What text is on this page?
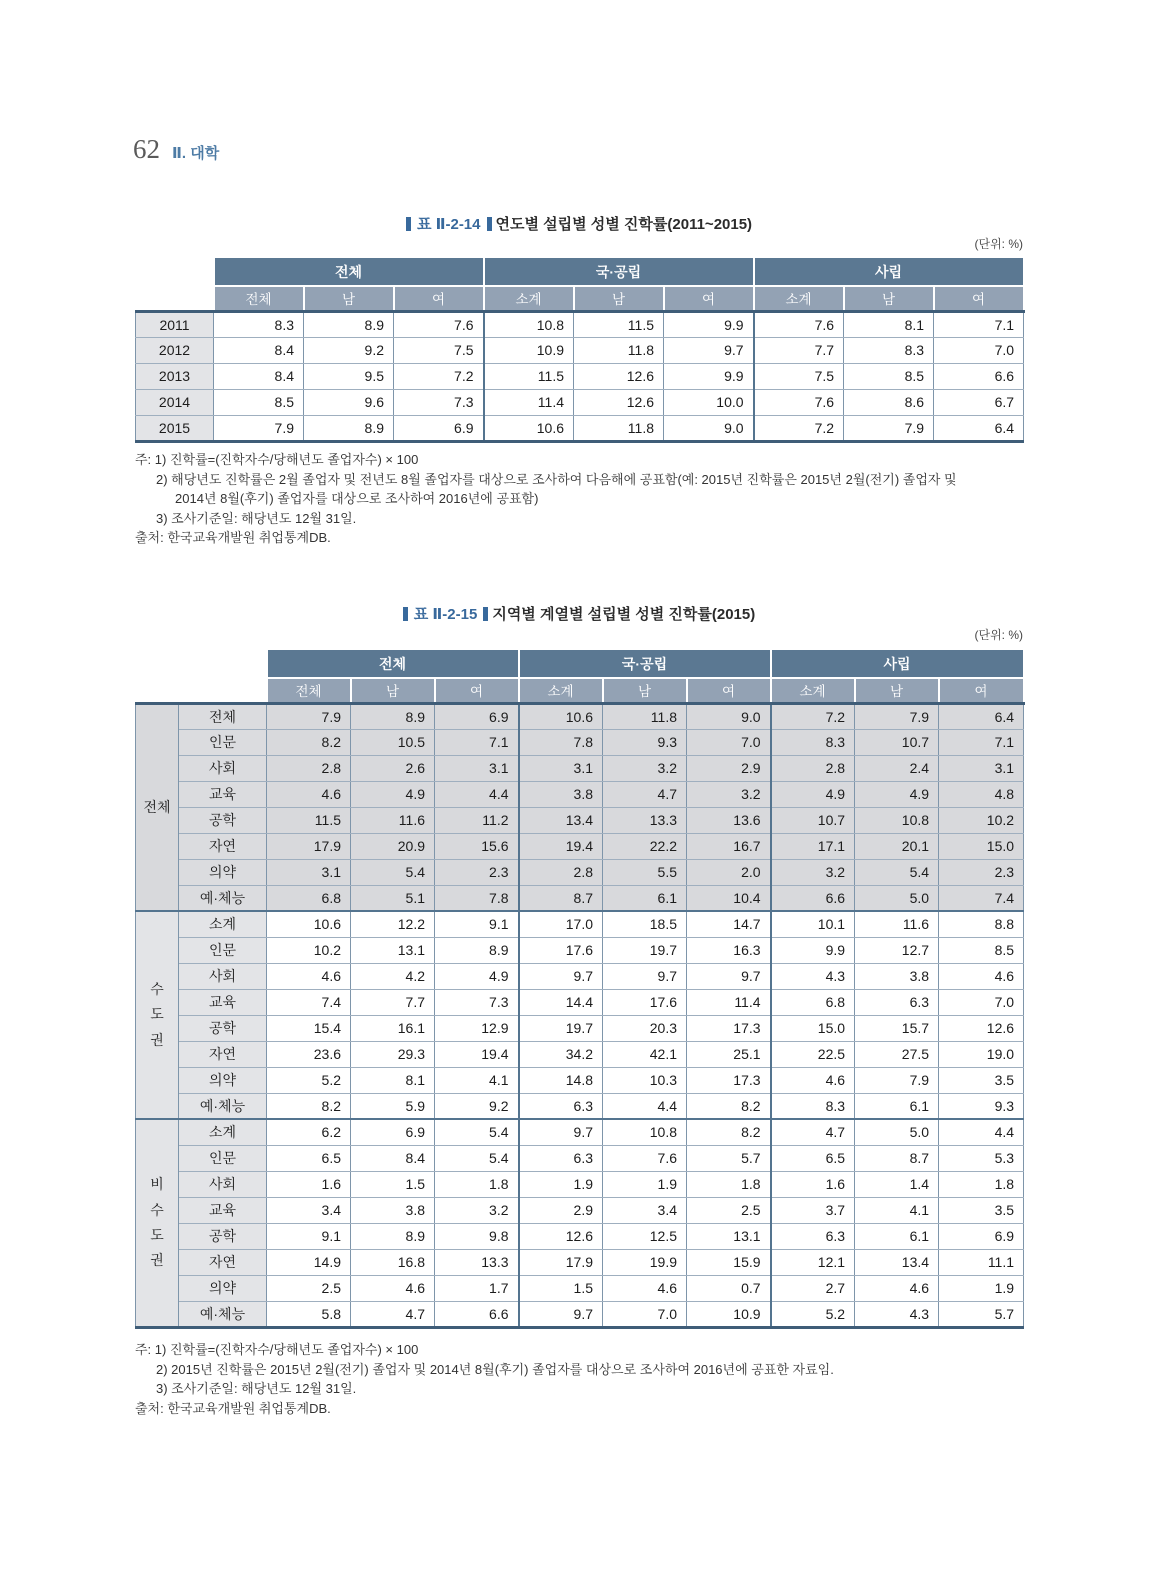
62 Ⅱ. 대학
표 Ⅱ-2-14 연도별 설립별 성별 진학률(2011~2015)
(단위: %)
	전체			국·공립			사립		
	전체	남	여	소계	남	여	소계	남	여
2011	8.3	8.9	7.6	10.8	11.5	9.9	7.6	8.1	7.1
2012	8.4	9.2	7.5	10.9	11.8	9.7	7.7	8.3	7.0
2013	8.4	9.5	7.2	11.5	12.6	9.9	7.5	8.5	6.6
2014	8.5	9.6	7.3	11.4	12.6	10.0	7.6	8.6	6.7
2015	7.9	8.9	6.9	10.6	11.8	9.0	7.2	7.9	6.4
주: 1) 진학률=(진학자수/당해년도 졸업자수) × 100
2) 해당년도 진학률은 2월 졸업자 및 전년도 8월 졸업자를 대상으로 조사하여 다음해에 공표함(예: 2015년 진학률은 2015년 2월(전기) 졸업자 및
2014년 8월(후기) 졸업자를 대상으로 조사하여 2016년에 공표함)
3) 조사기준일: 해당년도 12월 31일.
출처: 한국교육개발원 취업통계DB.
표 Ⅱ-2-15 지역별 계열별 설립별 성별 진학률(2015)
(단위: %)
		전체			국·공립			사립		
		전체	남	여	소계	남	여	소계	남	여
전체	전체	7.9	8.9	6.9	10.6	11.8	9.0	7.2	7.9	6.4
	인문	8.2	10.5	7.1	7.8	9.3	7.0	8.3	10.7	7.1
	사회	2.8	2.6	3.1	3.1	3.2	2.9	2.8	2.4	3.1
	교육	4.6	4.9	4.4	3.8	4.7	3.2	4.9	4.9	4.8
	공학	11.5	11.6	11.2	13.4	13.3	13.6	10.7	10.8	10.2
	자연	17.9	20.9	15.6	19.4	22.2	16.7	17.1	20.1	15.0
	의약	3.1	5.4	2.3	2.8	5.5	2.0	3.2	5.4	2.3
	예·체능	6.8	5.1	7.8	8.7	6.1	10.4	6.6	5.0	7.4

수도권	소계	10.6	12.2	9.1	17.0	18.5	14.7	10.1	11.6	8.8
	인문	10.2	13.1	8.9	17.6	19.7	16.3	9.9	12.7	8.5
	사회	4.6	4.2	4.9	9.7	9.7	9.7	4.3	3.8	4.6
	교육	7.4	7.7	7.3	14.4	17.6	11.4	6.8	6.3	7.0
	공학	15.4	16.1	12.9	19.7	20.3	17.3	15.0	15.7	12.6
	자연	23.6	29.3	19.4	34.2	42.1	25.1	22.5	27.5	19.0
	의약	5.2	8.1	4.1	14.8	10.3	17.3	4.6	7.9	3.5
	예·체능	8.2	5.9	9.2	6.3	4.4	8.2	8.3	6.1	9.3

비수도권	소계	6.2	6.9	5.4	9.7	10.8	8.2	4.7	5.0	4.4
	인문	6.5	8.4	5.4	6.3	7.6	5.7	6.5	8.7	5.3
	사회	1.6	1.5	1.8	1.9	1.9	1.8	1.6	1.4	1.8
	교육	3.4	3.8	3.2	2.9	3.4	2.5	3.7	4.1	3.5
	공학	9.1	8.9	9.8	12.6	12.5	13.1	6.3	6.1	6.9
	자연	14.9	16.8	13.3	17.9	19.9	15.9	12.1	13.4	11.1
	의약	2.5	4.6	1.7	1.5	4.6	0.7	2.7	4.6	1.9
	예·체능	5.8	4.7	6.6	9.7	7.0	10.9	5.2	4.3	5.7
주: 1) 진학률=(진학자수/당해년도 졸업자수) × 100
2) 2015년 진학률은 2015년 2월(전기) 졸업자 및 2014년 8월(후기) 졸업자를 대상으로 조사하여 2016년에 공표한 자료임.
3) 조사기준일: 해당년도 12월 31일.
출처: 한국교육개발원 취업통계DB.
